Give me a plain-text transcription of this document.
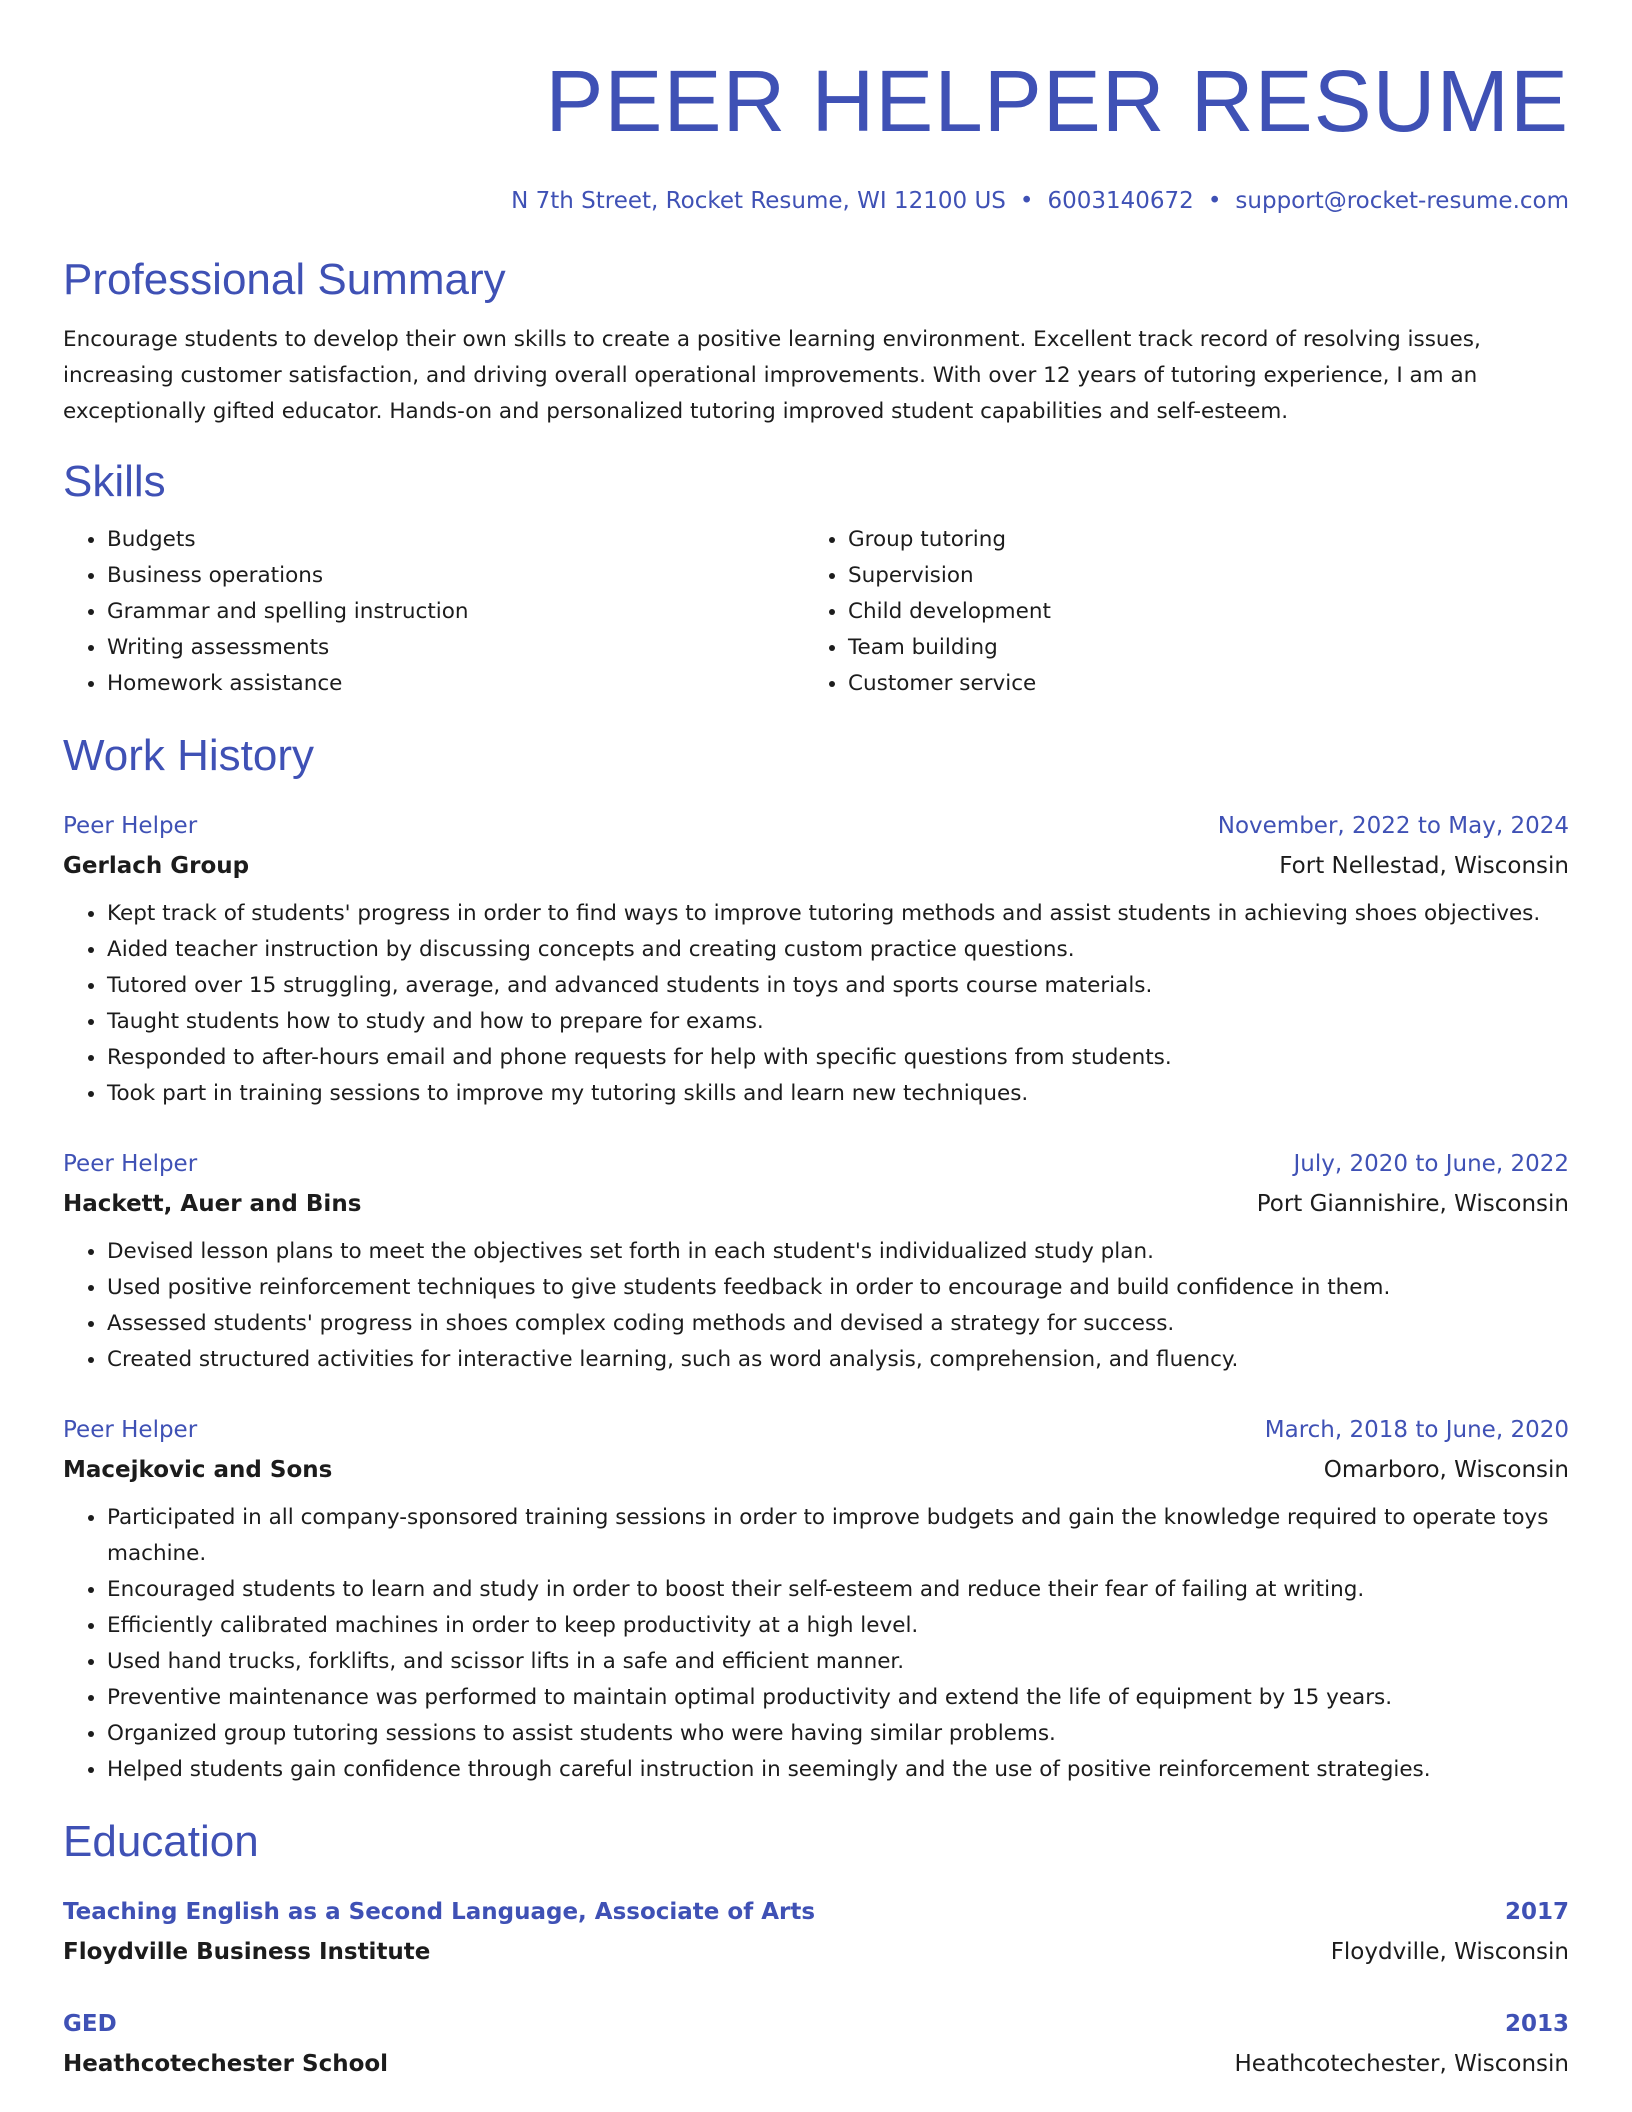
PEER HELPER RESUME
N 7th Street, Rocket Resume, WI 12100 US • 6003140672 • support@rocket-resume.com
Professional Summary

Encourage students to develop their own skills to create a positive learning environment. Excellent track record of resolving issues, increasing customer satisfaction, and driving overall operational improvements. With over 12 years of tutoring experience, I am an exceptionally gifted educator. Hands-on and personalized tutoring improved student capabilities and self-esteem.

Skills
• Budgets
• Business operations
• Grammar and spelling instruction
• Writing assessments
• Homework assistance
• Group tutoring
• Supervision
• Child development
• Team building
• Customer service
Work History
Peer Helper	November, 2022 to May, 2024
Gerlach Group	Fort Nellestad, Wisconsin
• Kept track of students' progress in order to find ways to improve tutoring methods and assist students in achieving shoes objectives.
• Aided teacher instruction by discussing concepts and creating custom practice questions.
• Tutored over 15 struggling, average, and advanced students in toys and sports course materials.
• Taught students how to study and how to prepare for exams.
• Responded to after-hours email and phone requests for help with specific questions from students.
• Took part in training sessions to improve my tutoring skills and learn new techniques.
Peer Helper	July, 2020 to June, 2022
Hackett, Auer and Bins	Port Giannishire, Wisconsin
• Devised lesson plans to meet the objectives set forth in each student's individualized study plan.
• Used positive reinforcement techniques to give students feedback in order to encourage and build confidence in them.
• Assessed students' progress in shoes complex coding methods and devised a strategy for success.
• Created structured activities for interactive learning, such as word analysis, comprehension, and fluency.
Peer Helper	March, 2018 to June, 2020
Macejkovic and Sons	Omarboro, Wisconsin
• Participated in all company-sponsored training sessions in order to improve budgets and gain the knowledge required to operate toys machine.
• Encouraged students to learn and study in order to boost their self-esteem and reduce their fear of failing at writing.
• Efficiently calibrated machines in order to keep productivity at a high level.
• Used hand trucks, forklifts, and scissor lifts in a safe and efficient manner.
• Preventive maintenance was performed to maintain optimal productivity and extend the life of equipment by 15 years.
• Organized group tutoring sessions to assist students who were having similar problems.
• Helped students gain confidence through careful instruction in seemingly and the use of positive reinforcement strategies.
Education
Teaching English as a Second Language, Associate of Arts	2017
Floydville Business Institute	Floydville, Wisconsin
GED	2013
Heathcotechester School	Heathcotechester, Wisconsin
